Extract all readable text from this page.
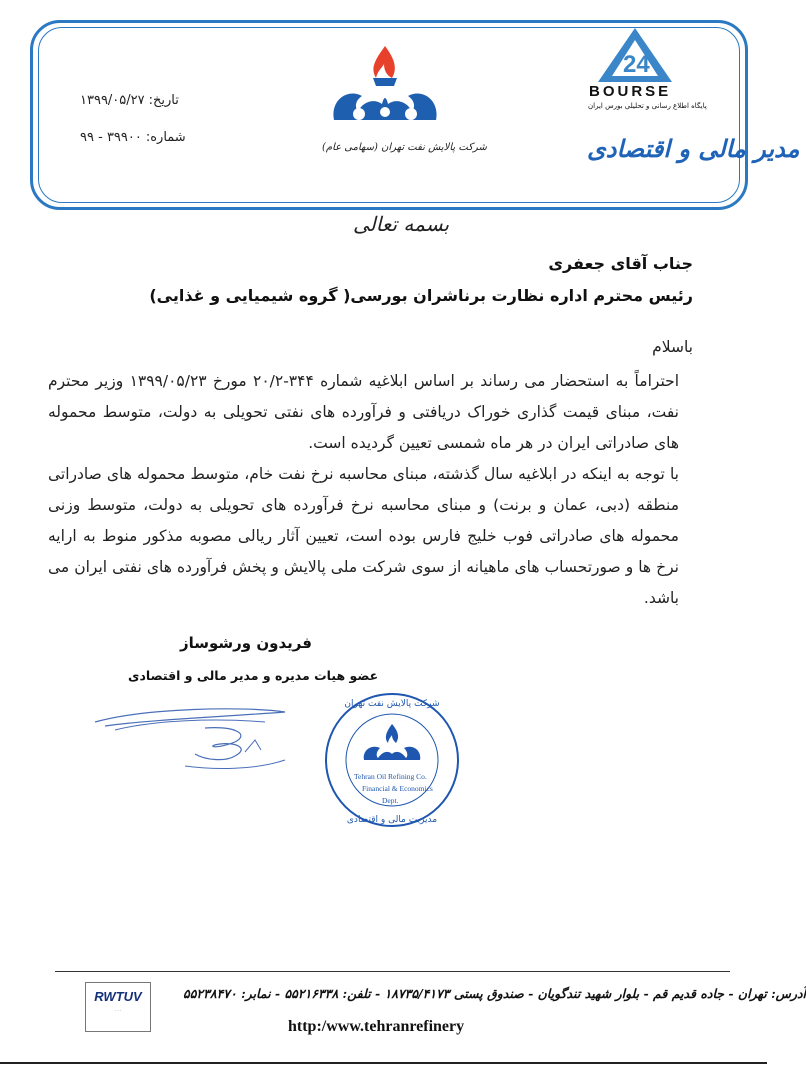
تاریخ:۱۳۹۹/۰۵/۲۷
شماره:۳۹۹۰۰ - ۹۹
شرکت پالایش نفت تهران (سهامی عام)
24
BOURSE
پایگاه اطلاع رسانی و تحلیلی بورس ایران
مدیر مالی و اقتصادی
بسمه تعالی
جناب آقای جعفری
رئیس محترم اداره نظارت برناشران بورسی( گروه شیمیایی و غذایی)
باسلام

احتراماً به استحضار می رساند بر اساس ابلاغیه شماره ۳۴۴-۲۰/۲ مورخ ۱۳۹۹/۰۵/۲۳ وزیر محترم نفت، مبنای قیمت گذاری خوراک دریافتی و فرآورده های نفتی تحویلی به دولت، متوسط محموله های صادراتی ایران در هر ماه شمسی تعیین گردیده است.

با توجه به اینکه در ابلاغیه سال گذشته، مبنای محاسبه نرخ نفت خام، متوسط محموله های صادراتی منطقه (دبی، عمان و برنت) و مبنای محاسبه نرخ فرآورده های تحویلی به دولت، متوسط وزنی محموله های صادراتی فوب خلیج فارس بوده است، تعیین آثار ریالی مصوبه مذکور منوط به ارایه نرخ ها و صورتحساب های ماهیانه از سوی شرکت ملی پالایش و پخش فرآورده های نفتی ایران می باشد.

فریدون ورشوساز
عضو هیات مدیره و مدیر مالی و اقتصادی
شرکت پالایش نفت تهران
مدیریت مالی و اقتصادی
Tehran Oil Refining Co.
Financial & Economics
Dept.
RWTUV
· · ·
آدرس: تهران - جاده قدیم قم - بلوار شهید تندگویان - صندوق پستی ۱۸۷۳۵/۴۱۷۳ - تلفن: ۵۵۲۱۶۳۳۸ - نمابر: ۵۵۲۳۸۴۷۰
http:/www.tehranrefinery
